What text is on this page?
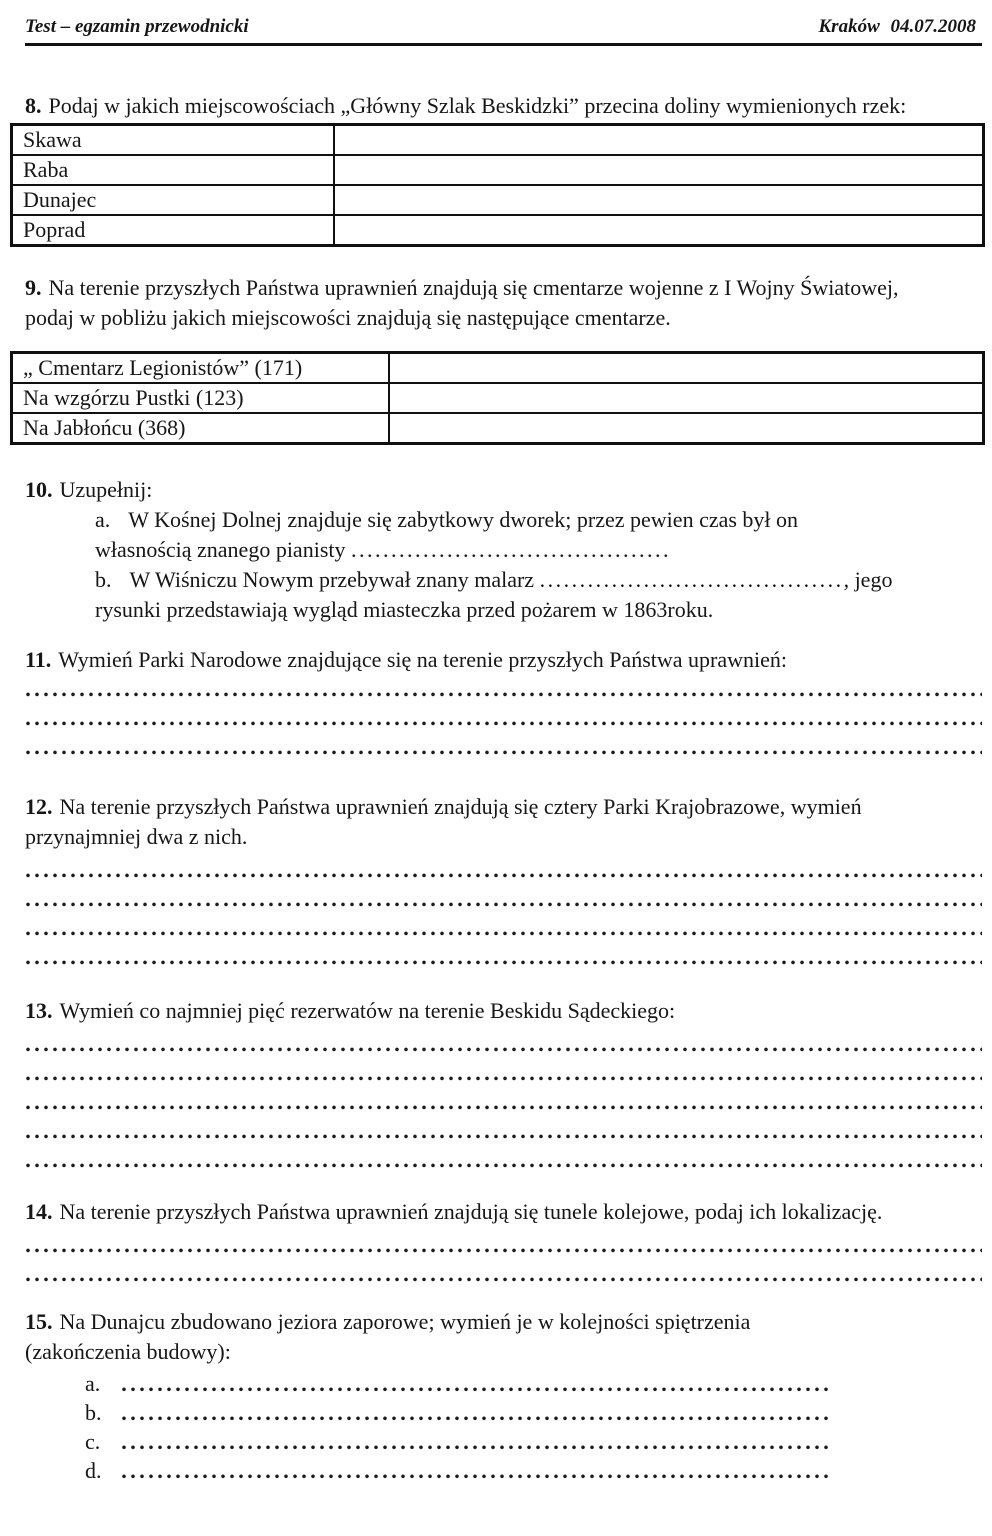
Test – egzamin przewodnicki	Kraków 04.07.2008

8. Podaj w jakich miejscowościach „Główny Szlak Beskidzki” przecina doliny wymienionych rzek:

Skawa	
Raba	
Dunajec	
Poprad	

9. Na terenie przyszłych Państwa uprawnień znajdują się cmentarze wojenne z I Wojny Światowej, podaj w pobliżu jakich miejscowości znajdują się następujące cmentarze.

„ Cmentarz Legionistów” (171)	
Na wzgórzu Pustki (123)	
Na Jabłońcu (368)	

10. Uzupełnij:

a. W Kośnej Dolnej znajduje się zabytkowy dworek; przez pewien czas był on własnością znanego pianisty ........................................

b. W Wiśniczu Nowym przebywał znany malarz ......................................, jego rysunki przedstawiają wygląd miasteczka przed pożarem w 1863roku.

11. Wymień Parki Narodowe znajdujące się na terenie przyszłych Państwa uprawnień:

12. Na terenie przyszłych Państwa uprawnień znajdują się cztery Parki Krajobrazowe, wymień przynajmniej dwa z nich.

13. Wymień co najmniej pięć rezerwatów na terenie Beskidu Sądeckiego:

14. Na terenie przyszłych Państwa uprawnień znajdują się tunele kolejowe, podaj ich lokalizację.

15. Na Dunajcu zbudowano jeziora zaporowe; wymień je w kolejności spiętrzenia (zakończenia budowy):

a.
b.
c.
d.
